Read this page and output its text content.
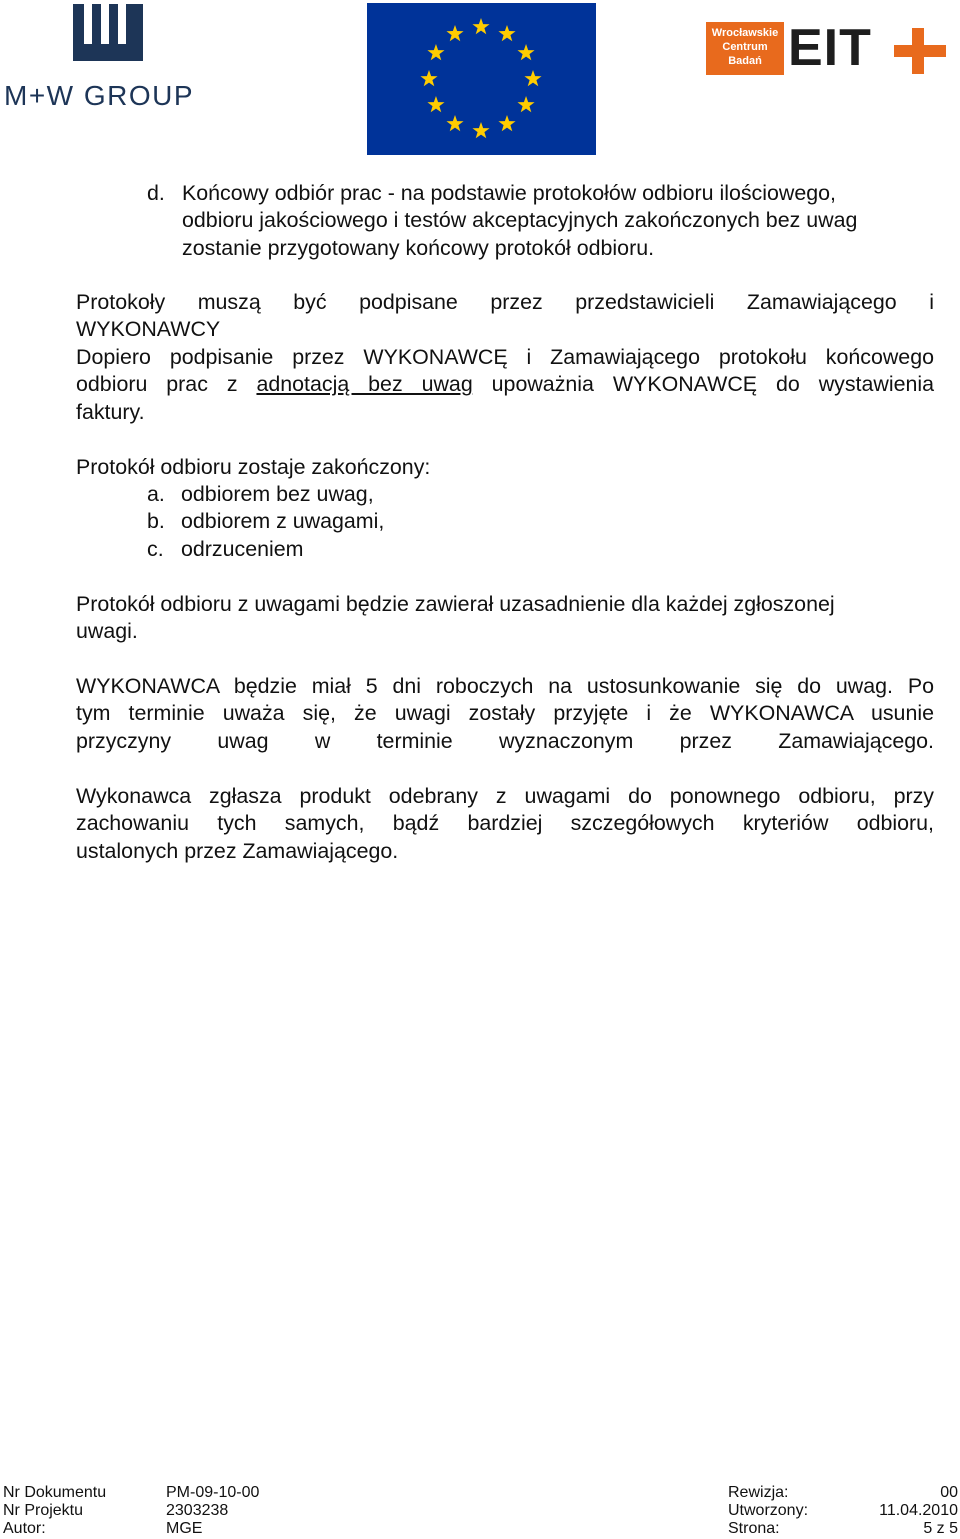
M+W GROUP
Wrocławskie
Centrum
Badań EIT
d. Końcowy odbiór prac - na podstawie protokołów odbioru ilościowego,
odbioru jakościowego i testów akceptacyjnych zakończonych bez uwag
zostanie przygotowany końcowy protokół odbioru.
Protokoły muszą być podpisane przez przedstawicieli Zamawiającego i
WYKONAWCY
Dopiero podpisanie przez WYKONAWCĘ i Zamawiającego protokołu końcowego
odbioru prac z adnotacją bez uwag upoważnia WYKONAWCĘ do wystawienia
faktury.
Protokół odbioru zostaje zakończony:
a. odbiorem bez uwag,
b. odbiorem z uwagami,
c. odrzuceniem
Protokół odbioru z uwagami będzie zawierał uzasadnienie dla każdej zgłoszonej
uwagi.
WYKONAWCA będzie miał 5 dni roboczych na ustosunkowanie się do uwag. Po
tym terminie uważa się, że uwagi zostały przyjęte i że WYKONAWCA usunie
przyczyny uwag w terminie wyznaczonym przez Zamawiającego.
Wykonawca zgłasza produkt odebrany z uwagami do ponownego odbioru, przy
zachowaniu tych samych, bądź bardziej szczegółowych kryteriów odbioru,
ustalonych przez Zamawiającego.
Nr Dokumentu	PM-09-10-00	Rewizja:	00
Nr Projektu	2303238	Utworzony:	11.04.2010
Autor:	MGE	Strona:	5 z 5
